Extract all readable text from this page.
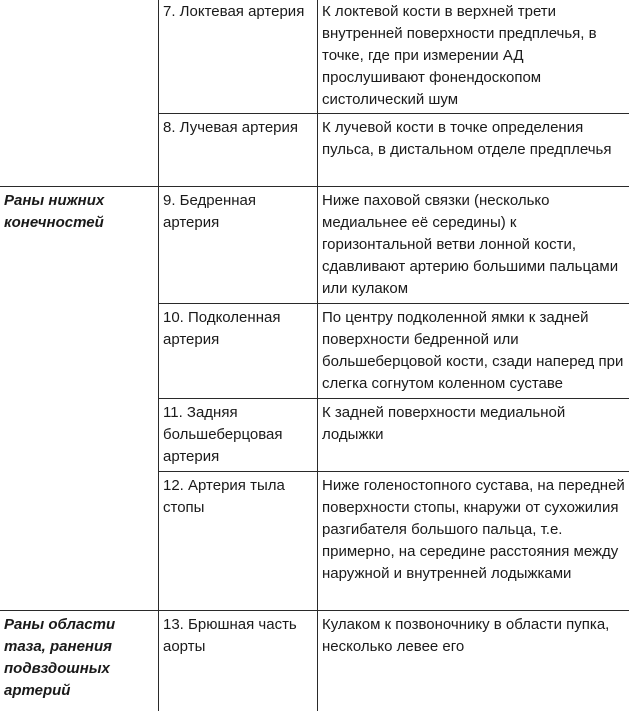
	7. Локтевая артерия	К локтевой кости в верхней трети внутренней поверхности предплечья, в точке, где при измерении АД прослушивают фонендоскопом систолический шум

	8. Лучевая артерия	К лучевой кости в точке определения пульса, в дистальном отделе предплечья

Раны нижних конечностей	9. Бедренная артерия	Ниже паховой связки (несколько медиальнее её середины) к горизонтальной ветви лонной кости, сдавливают артерию большими пальцами или кулаком

	10. Подколенная артерия	По центру подколенной ямки к задней поверхности бедренной или большеберцовой кости, сзади наперед при слегка согнутом коленном суставе

	11. Задняя большеберцовая артерия	К задней поверхности медиальной лодыжки

	12. Артерия тыла стопы	Ниже голеностопного сустава, на передней поверхности стопы, кнаружи от сухожилия разгибателя большого пальца, т.е. примерно, на середине расстояния между наружной и внутренней лодыжками

Раны области таза, ранения подвздошных артерий	13. Брюшная часть аорты	Кулаком к позвоночнику в области пупка, несколько левее его
